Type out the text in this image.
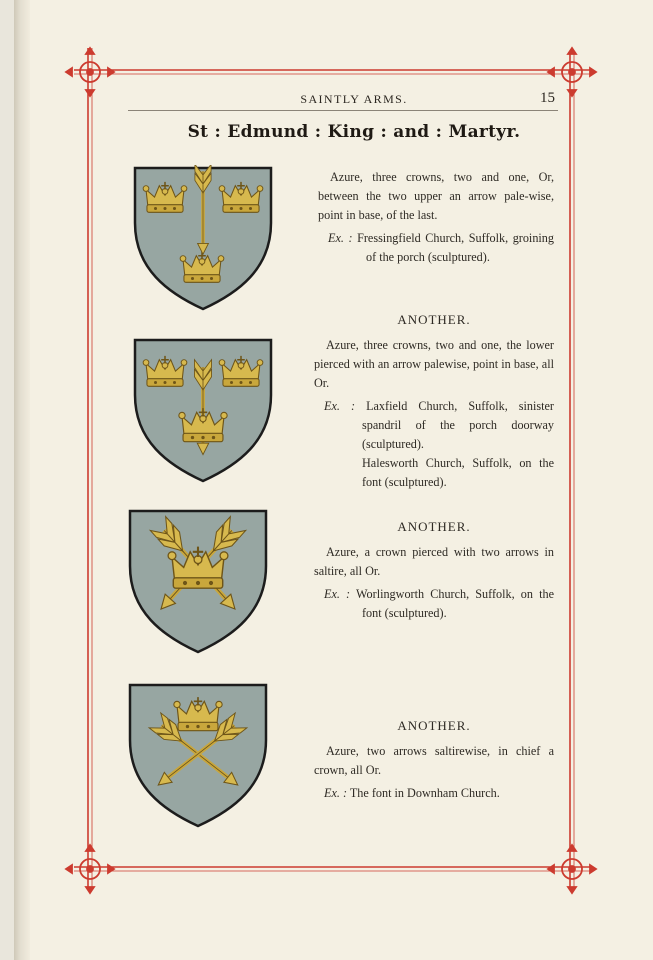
SAINTLY ARMS.	15
St : Edmund : King : and : Martyr.
Azure, three crowns, two and one, Or, between the two upper an arrow pale-wise, point in base, of the last.
Ex. : Fressingfield Church, Suffolk, groining of the porch (sculptured).
ANOTHER.
Azure, three crowns, two and one, the lower pierced with an arrow palewise, point in base, all Or.
Ex. : Laxfield Church, Suffolk, sinister spandril of the porch doorway (sculptured).
Halesworth Church, Suffolk, on the font (sculptured).
ANOTHER.
Azure, a crown pierced with two arrows in saltire, all Or.
Ex. : Worlingworth Church, Suffolk, on the font (sculptured).
ANOTHER.
Azure, two arrows saltirewise, in chief a crown, all Or.
Ex. : The font in Downham Church.
